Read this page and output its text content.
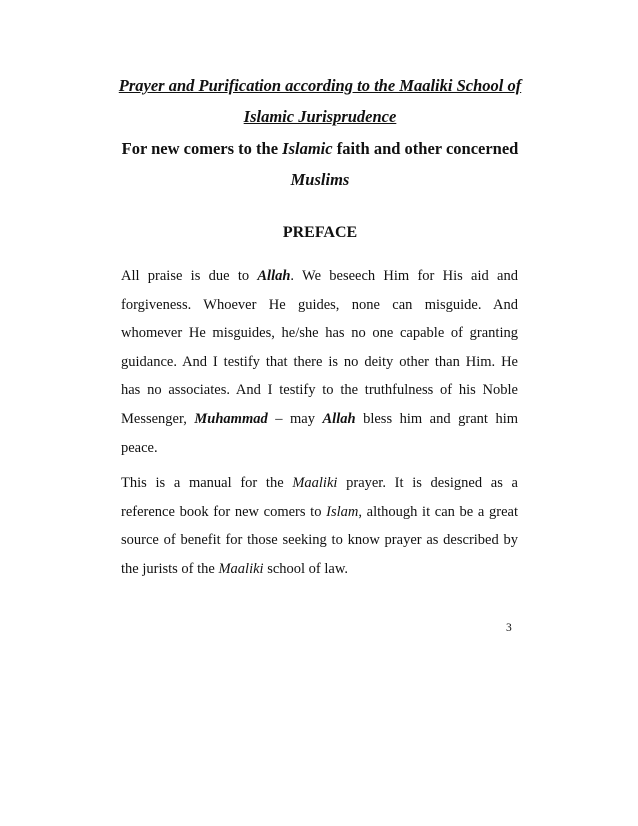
Prayer and Purification according to the Maaliki School of
Islamic Jurisprudence
For new comers to the Islamic faith and other concerned
Muslims
PREFACE
All praise is due to Allah. We beseech Him for His aid and
forgiveness. Whoever He guides, none can misguide. And
whomever He misguides, he/she has no one capable of granting
guidance. And I testify that there is no deity other than Him. He
has no associates. And I testify to the truthfulness of his Noble
Messenger, Muhammad – may Allah bless him and grant him
peace.
This is a manual for the Maaliki prayer. It is designed as a
reference book for new comers to Islam, although it can be a great
source of benefit for those seeking to know prayer as described by
the jurists of the Maaliki school of law.
3
